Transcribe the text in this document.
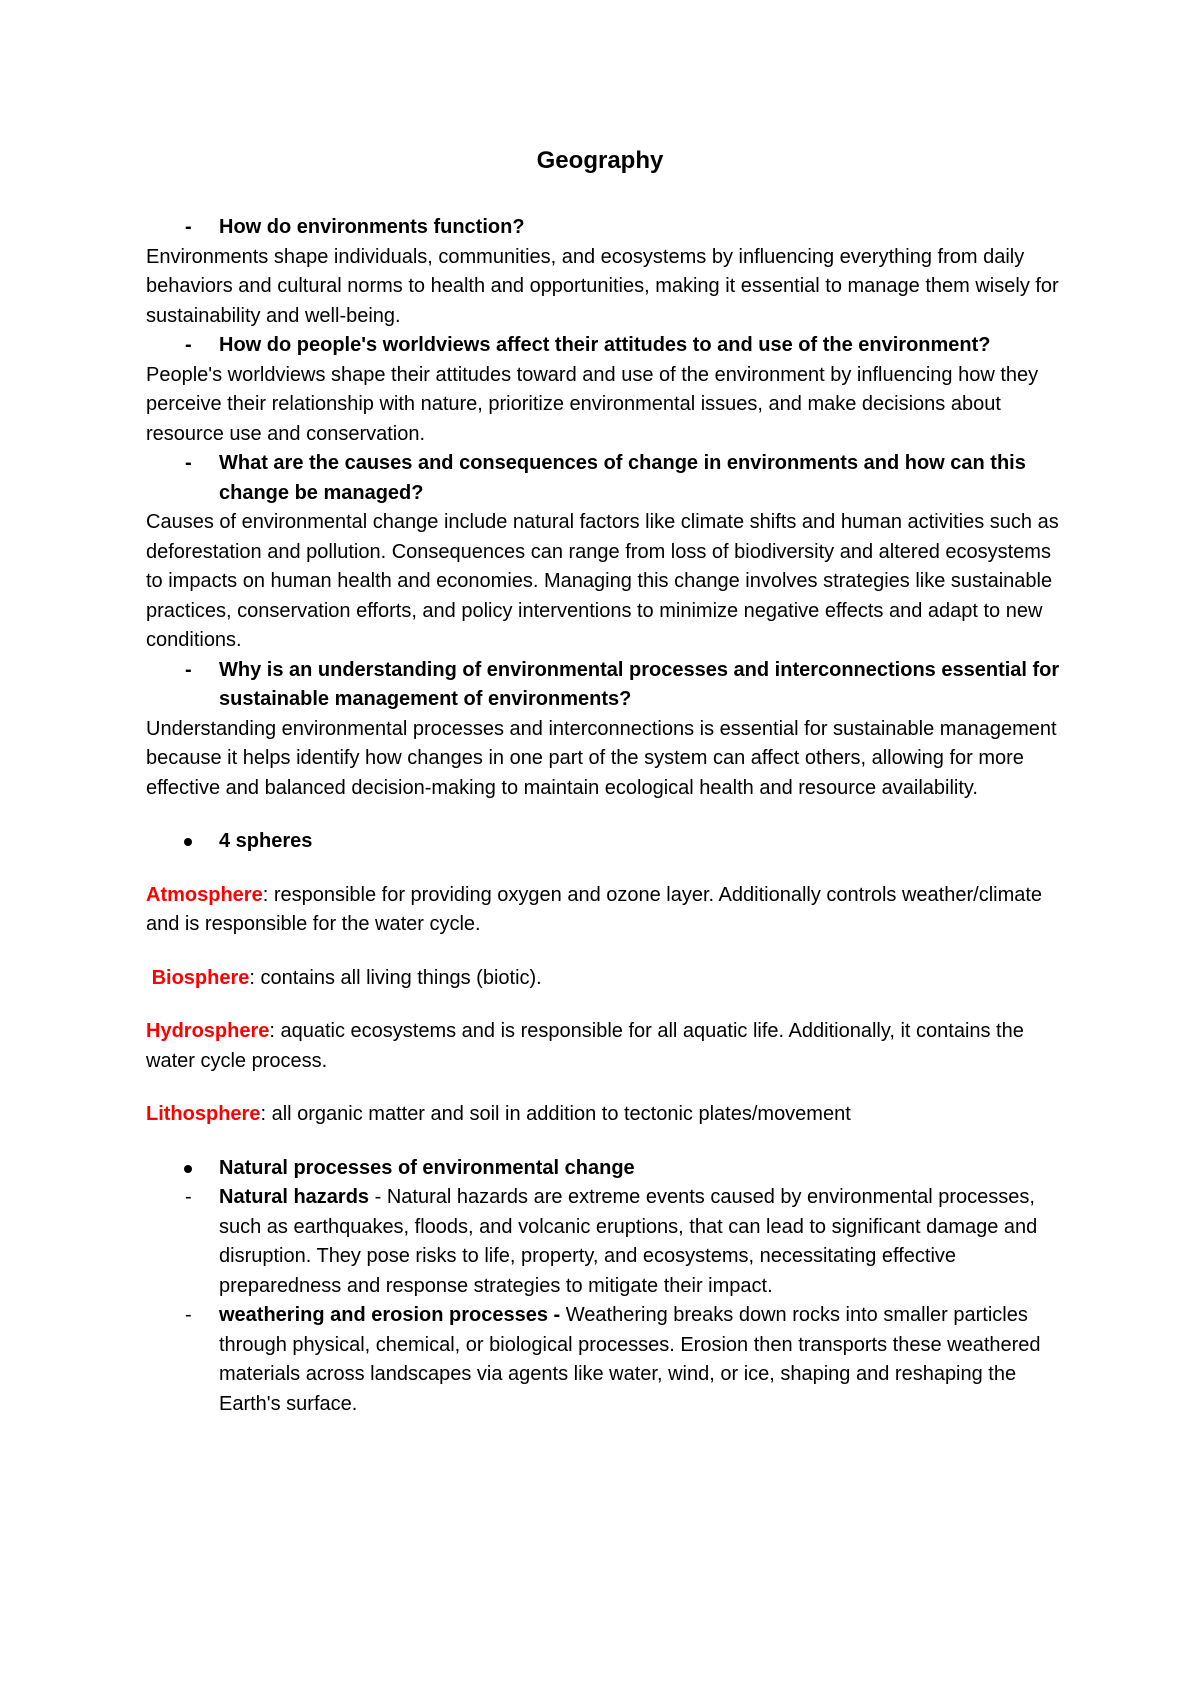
Geography

- How do environments function?

Environments shape individuals, communities, and ecosystems by influencing everything from daily behaviors and cultural norms to health and opportunities, making it essential to manage them wisely for sustainability and well-being.

- How do people's worldviews affect their attitudes to and use of the environment?

People's worldviews shape their attitudes toward and use of the environment by influencing how they perceive their relationship with nature, prioritize environmental issues, and make decisions about resource use and conservation.

- What are the causes and consequences of change in environments and how can this change be managed?

Causes of environmental change include natural factors like climate shifts and human activities such as deforestation and pollution. Consequences can range from loss of biodiversity and altered ecosystems to impacts on human health and economies. Managing this change involves strategies like sustainable practices, conservation efforts, and policy interventions to minimize negative effects and adapt to new conditions.

- Why is an understanding of environmental processes and interconnections essential for sustainable management of environments?

Understanding environmental processes and interconnections is essential for sustainable management because it helps identify how changes in one part of the system can affect others, allowing for more effective and balanced decision-making to maintain ecological health and resource availability.

4 spheres

Atmosphere: responsible for providing oxygen and ozone layer. Additionally controls weather/climate and is responsible for the water cycle.

Biosphere: contains all living things (biotic).

Hydrosphere: aquatic ecosystems and is responsible for all aquatic life. Additionally, it contains the water cycle process.

Lithosphere: all organic matter and soil in addition to tectonic plates/movement

Natural processes of environmental change

- Natural hazards - Natural hazards are extreme events caused by environmental processes, such as earthquakes, floods, and volcanic eruptions, that can lead to significant damage and disruption. They pose risks to life, property, and ecosystems, necessitating effective preparedness and response strategies to mitigate their impact.

- weathering and erosion processes - Weathering breaks down rocks into smaller particles through physical, chemical, or biological processes. Erosion then transports these weathered materials across landscapes via agents like water, wind, or ice, shaping and reshaping the Earth's surface.
